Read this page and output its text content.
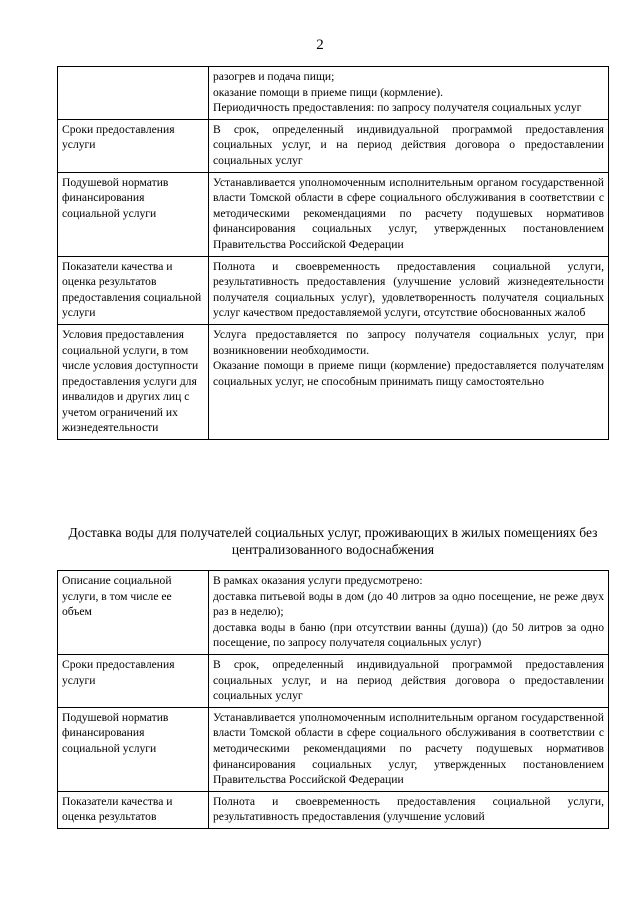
2

	разогрев и подача пищи;

оказание помощи в приеме пищи (кормление).

Периодичность предоставления: по запросу получателя социальных услуг

Сроки предоставления услуги	В срок, определенный индивидуальной программой предоставления социальных услуг, и на период действия договора о предоставлении социальных услуг

Подушевой норматив финансирования социальной услуги	Устанавливается уполномоченным исполнительным органом государственной власти Томской области в сфере социального обслуживания в соответствии с методическими рекомендациями по расчету подушевых нормативов финансирования социальных услуг, утвержденных постановлением Правительства Российской Федерации

Показатели качества и оценка результатов предоставления социальной услуги	Полнота и своевременность предоставления социальной услуги, результативность предоставления (улучшение условий жизнедеятельности получателя социальных услуг), удовлетворенность получателя социальных услуг качеством предоставляемой услуги, отсутствие обоснованных жалоб

Условия предоставления социальной услуги, в том числе условия доступности предоставления услуги для инвалидов и других лиц с учетом ограничений их жизнедеятельности	Услуга предоставляется по запросу получателя социальных услуг, при возникновении необходимости.

Оказание помощи в приеме пищи (кормление) предоставляется получателям социальных услуг, не способным принимать пищу самостоятельно

Доставка воды для получателей социальных услуг, проживающих в жилых помещениях без централизованного водоснабжения
Описание социальной услуги, в том числе ее объем	В рамках оказания услуги предусмотрено:

доставка питьевой воды в дом (до 40 литров за одно посещение, не реже двух раз в неделю);

доставка воды в баню (при отсутствии ванны (душа)) (до 50 литров за одно посещение, по запросу получателя социальных услуг)

Сроки предоставления услуги	В срок, определенный индивидуальной программой предоставления социальных услуг, и на период действия договора о предоставлении социальных услуг

Подушевой норматив финансирования социальной услуги	Устанавливается уполномоченным исполнительным органом государственной власти Томской области в сфере социального обслуживания в соответствии с методическими рекомендациями по расчету подушевых нормативов финансирования социальных услуг, утвержденных постановлением Правительства Российской Федерации

Показатели качества и оценка результатов	Полнота и своевременность предоставления социальной услуги, результативность предоставления (улучшение условий
